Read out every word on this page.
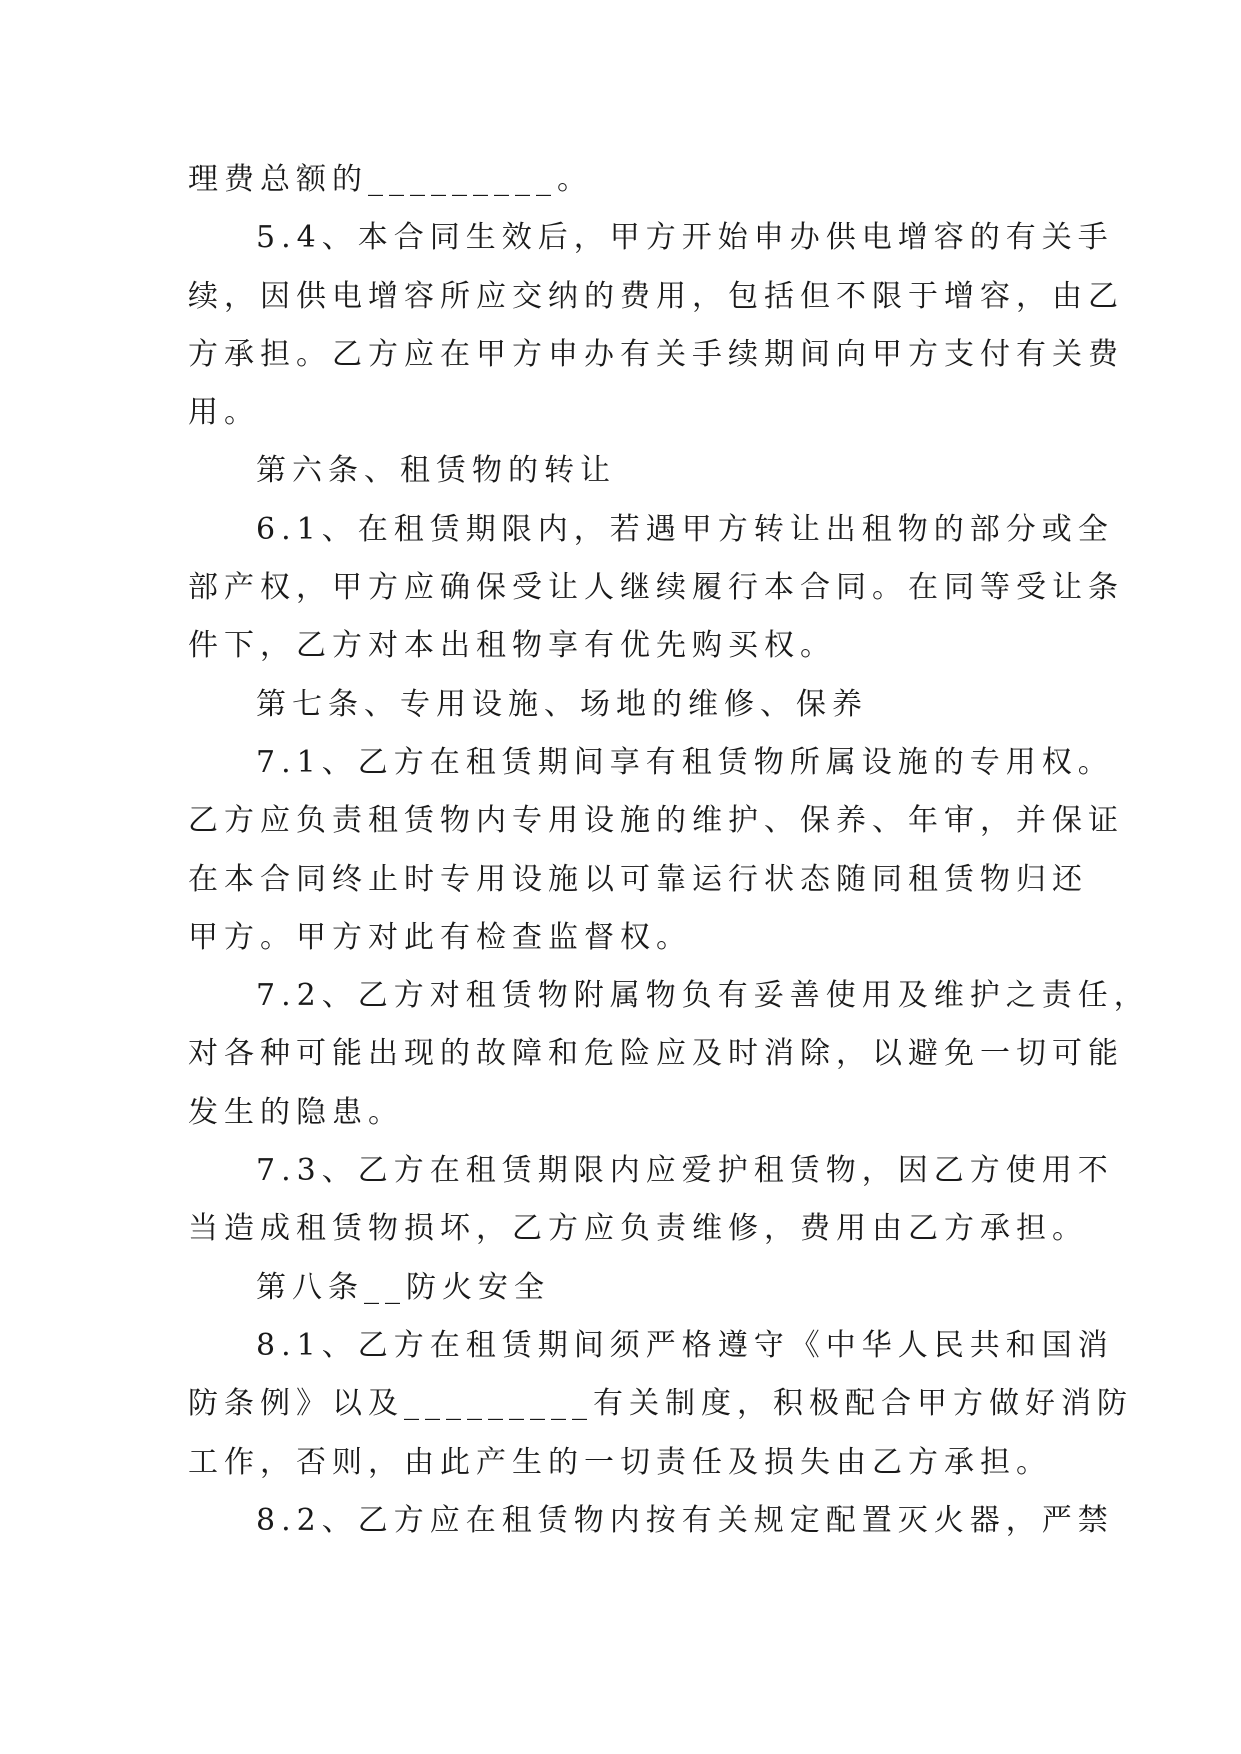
理费总额的_________。
5.4、本合同生效后，甲方开始申办供电增容的有关手
续，因供电增容所应交纳的费用，包括但不限于增容，由乙
方承担。乙方应在甲方申办有关手续期间向甲方支付有关费
用。
第六条、租赁物的转让
6.1、在租赁期限内，若遇甲方转让出租物的部分或全
部产权，甲方应确保受让人继续履行本合同。在同等受让条
件下，乙方对本出租物享有优先购买权。
第七条、专用设施、场地的维修、保养
7.1、乙方在租赁期间享有租赁物所属设施的专用权。
乙方应负责租赁物内专用设施的维护、保养、年审，并保证
在本合同终止时专用设施以可靠运行状态随同租赁物归还
甲方。甲方对此有检查监督权。
7.2、乙方对租赁物附属物负有妥善使用及维护之责任，
对各种可能出现的故障和危险应及时消除，以避免一切可能
发生的隐患。
7.3、乙方在租赁期限内应爱护租赁物，因乙方使用不
当造成租赁物损坏，乙方应负责维修，费用由乙方承担。
第八条__防火安全
8.1、乙方在租赁期间须严格遵守《中华人民共和国消
防条例》以及_________有关制度，积极配合甲方做好消防
工作，否则，由此产生的一切责任及损失由乙方承担。
8.2、乙方应在租赁物内按有关规定配置灭火器，严禁
